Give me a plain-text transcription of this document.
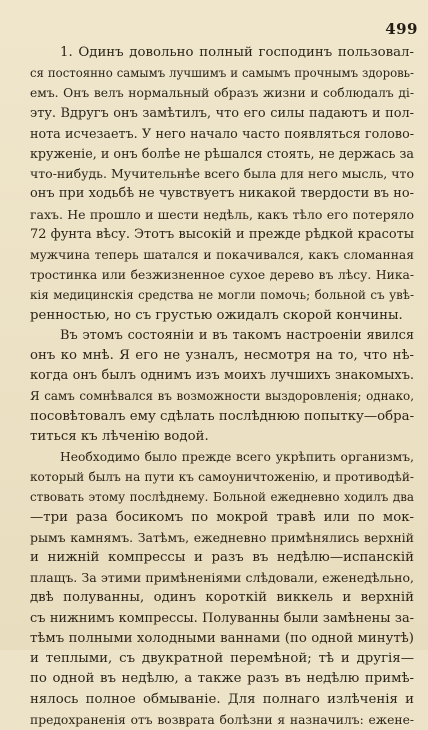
499
1. Одинъ довольно полный господинъ пользовал-
ся постоянно самымъ лучшимъ и самымъ прочнымъ здоровь-
емъ. Онъ велъ нормальный образъ жизни и соблюдалъ ді-
эту. Вдругъ онъ замѣтилъ, что его силы падаютъ и пол-
нота исчезаетъ. У него начало часто появляться голово-
круженіе, и онъ болѣе не рѣшался стоять, не держась за
что-нибудь. Мучительнѣе всего была для него мысль, что
онъ при ходьбѣ не чувствуетъ никакой твердости въ но-
гахъ. Не прошло и шести недѣль, какъ тѣло его потеряло
72 фунта вѣсу. Этотъ высокій и прежде рѣдкой красоты
мужчина теперь шатался и покачивался, какъ сломанная
тростинка или безжизненное сухое дерево въ лѣсу. Ника-
кія медицинскія средства не могли помочь; больной съ увѣ-
ренностью, но съ грустью ожидалъ скорой кончины.
Въ этомъ состояніи и въ такомъ настроеніи явился
онъ ко мнѣ. Я его не узналъ, несмотря на то, что нѣ-
когда онъ былъ однимъ изъ моихъ лучшихъ знакомыхъ.
Я самъ сомнѣвался въ возможности выздоровленія; однако,
посовѣтовалъ ему сдѣлать послѣднюю попытку—обра-
титься къ лѣченію водой.
Необходимо было прежде всего укрѣпить организмъ,
который былъ на пути къ самоуничтоженію, и противодѣй-
ствовать этому послѣднему. Больной ежедневно ходилъ два
—три раза босикомъ по мокрой травѣ или по мок-
рымъ камнямъ. Затѣмъ, ежедневно примѣнялись верхній
и нижній компрессы и разъ въ недѣлю—испанскій
плащъ. За этими примѣненіями слѣдовали, еженедѣльно,
двѣ полуванны, одинъ короткій виккель и верхній
съ нижнимъ компрессы. Полуванны были замѣнены за-
тѣмъ полными холодными ваннами (по одной минутѣ)
и теплыми, съ двукратной перемѣной; тѣ и другія—
по одной въ недѣлю, а также разъ въ недѣлю примѣ-
нялось полное обмываніе. Для полнаго излѣченія и
предохраненія отъ возврата болѣзни я назначилъ: еженe-
